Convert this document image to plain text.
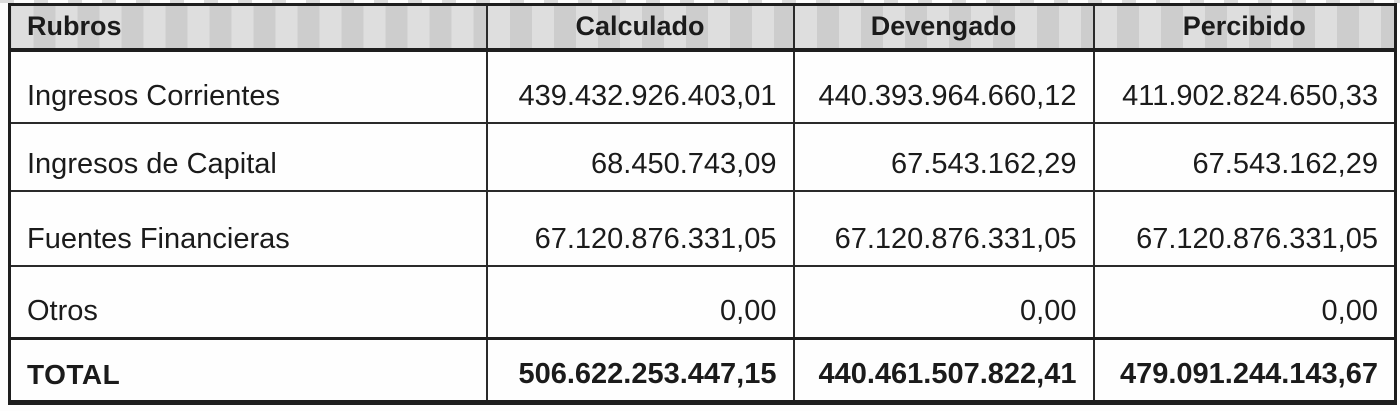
Rubros	Calculado	Devengado	Percibido
Ingresos Corrientes	439.432.926.403,01	440.393.964.660,12	411.902.824.650,33
Ingresos de Capital	68.450.743,09	67.543.162,29	67.543.162,29
Fuentes Financieras	67.120.876.331,05	67.120.876.331,05	67.120.876.331,05
Otros	0,00	0,00	0,00
TOTAL	506.622.253.447,15	440.461.507.822,41	479.091.244.143,67
